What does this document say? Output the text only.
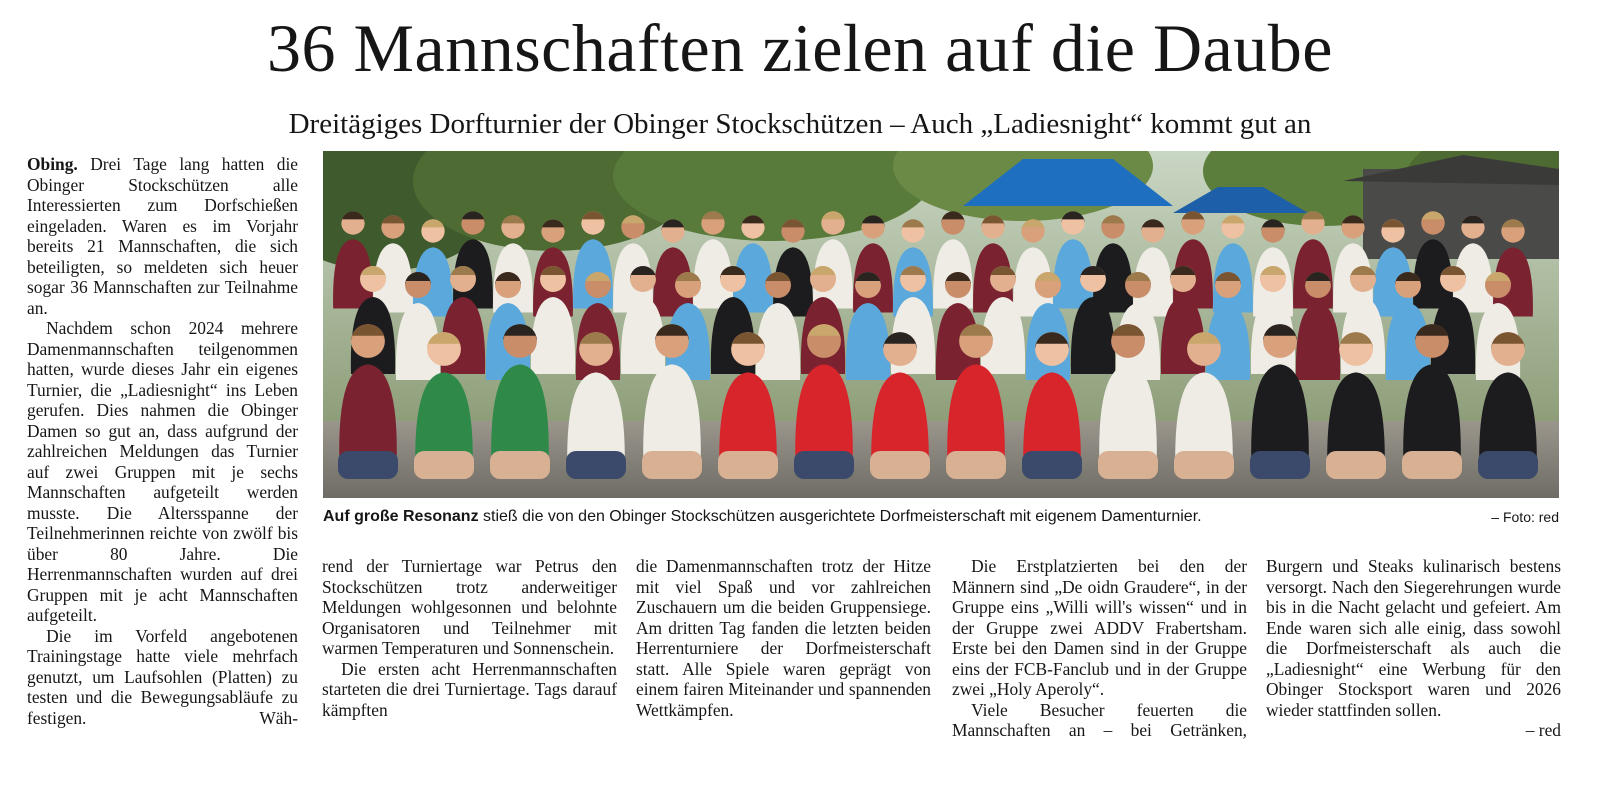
36 Mannschaften zielen auf die Daube
Dreitägiges Dorfturnier der Obinger Stockschützen – Auch „Ladiesnight“ kommt gut an

Obing. Drei Tage lang hatten die Obinger Stockschützen alle Interessierten zum Dorfschießen eingeladen. Waren es im Vorjahr bereits 21 Mannschaften, die sich beteiligten, so meldeten sich heuer sogar 36 Mannschaften zur Teilnahme an.

Nachdem schon 2024 mehrere Damenmannschaften teilgenommen hatten, wurde dieses Jahr ein eigenes Turnier, die „Ladiesnight“ ins Leben gerufen. Dies nahmen die Obinger Damen so gut an, dass aufgrund der zahlreichen Meldungen das Turnier auf zwei Gruppen mit je sechs Mannschaften aufgeteilt werden musste. Die Altersspanne der Teilnehmerinnen reichte von zwölf bis über 80 Jahre. Die Herrenmannschaften wurden auf drei Gruppen mit je acht Mannschaften aufgeteilt.

Die im Vorfeld angebotenen Trainingstage hatte viele mehrfach genutzt, um Laufsohlen (Platten) zu testen und die Bewegungsabläufe zu festigen. Wäh-

Auf große Resonanz stieß die von den Obinger Stockschützen ausgerichtete Dorfmeisterschaft mit eigenem Damenturnier.	– Foto: red

rend der Turniertage war Petrus den Stockschützen trotz anderweitiger Meldungen wohlgesonnen und belohnte Organisatoren und Teilnehmer mit warmen Temperaturen und Sonnenschein.

Die ersten acht Herrenmannschaften starteten die drei Turniertage. Tags darauf kämpften

die Damenmannschaften trotz der Hitze mit viel Spaß und vor zahlreichen Zuschauern um die beiden Gruppensiege. Am dritten Tag fanden die letzten beiden Herrenturniere der Dorfmeisterschaft statt. Alle Spiele waren geprägt von einem fairen Miteinander und spannenden Wettkämpfen.

Die Erstplatzierten bei den der Männern sind „De oidn Graudere“, in der Gruppe eins „Willi will's wissen“ und in der Gruppe zwei ADDV Frabertsham. Erste bei den Damen sind in der Gruppe eins der FCB-Fanclub und in der Gruppe zwei „Holy Aperoly“.

Viele Besucher feuerten die Mannschaften an – bei Getränken,

Burgern und Steaks kulinarisch bestens versorgt. Nach den Siegerehrungen wurde bis in die Nacht gelacht und gefeiert. Am Ende waren sich alle einig, dass sowohl die Dorfmeisterschaft als auch die „Ladiesnight“ eine Werbung für den Obinger Stocksport waren und 2026 wieder stattfinden sollen.

– red
